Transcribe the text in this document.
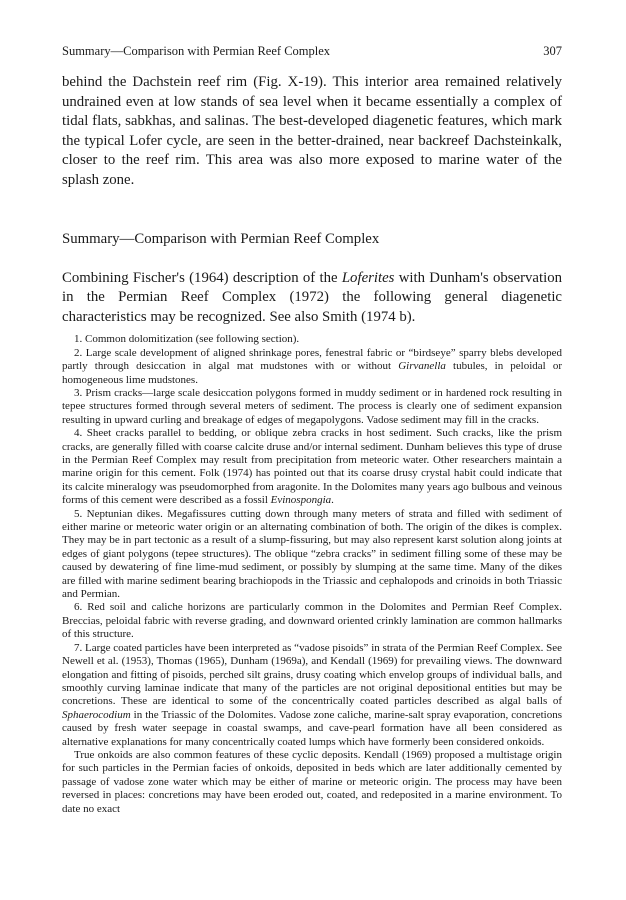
Summary—Comparison with Permian Reef Complex	307

behind the Dachstein reef rim (Fig. X-19). This interior area remained relatively undrained even at low stands of sea level when it became essentially a complex of tidal flats, sabkhas, and salinas. The best-developed diagenetic features, which mark the typical Lofer cycle, are seen in the better-drained, near backreef Dachsteinkalk, closer to the reef rim. This area was also more exposed to marine water of the splash zone.

Summary—Comparison with Permian Reef Complex

Combining Fischer's (1964) description of the Loferites with Dunham's observation in the Permian Reef Complex (1972) the following general diagenetic characteristics may be recognized. See also Smith (1974 b).

1. Common dolomitization (see following section).

2. Large scale development of aligned shrinkage pores, fenestral fabric or “birdseye” sparry blebs developed partly through desiccation in algal mat mudstones with or without Girvanella tubules, in peloidal or homogeneous lime mudstones.

3. Prism cracks—large scale desiccation polygons formed in muddy sediment or in hardened rock resulting in tepee structures formed through several meters of sediment. The process is clearly one of sediment expansion resulting in upward curling and breakage of edges of megapolygons. Vadose sediment may fill in the cracks.

4. Sheet cracks parallel to bedding, or oblique zebra cracks in host sediment. Such cracks, like the prism cracks, are generally filled with coarse calcite druse and/or internal sediment. Dunham believes this type of druse in the Permian Reef Complex may result from precipitation from meteoric water. Other researchers maintain a marine origin for this cement. Folk (1974) has pointed out that its coarse drusy crystal habit could indicate that its calcite mineralogy was pseudomorphed from aragonite. In the Dolomites many years ago bulbous and veinous forms of this cement were described as a fossil Evinospongia.

5. Neptunian dikes. Megafissures cutting down through many meters of strata and filled with sediment of either marine or meteoric water origin or an alternating combination of both. The origin of the dikes is complex. They may be in part tectonic as a result of a slump-fissuring, but may also represent karst solution along joints at edges of giant polygons (tepee structures). The oblique “zebra cracks” in sediment filling some of these may be caused by dewatering of fine lime-mud sediment, or possibly by slumping at the same time. Many of the dikes are filled with marine sediment bearing brachiopods in the Triassic and cephalopods and crinoids in both Triassic and Permian.

6. Red soil and caliche horizons are particularly common in the Dolomites and Permian Reef Complex. Breccias, peloidal fabric with reverse grading, and downward oriented crinkly lamination are common hallmarks of this structure.

7. Large coated particles have been interpreted as “vadose pisoids” in strata of the Permian Reef Complex. See Newell et al. (1953), Thomas (1965), Dunham (1969a), and Kendall (1969) for prevailing views. The downward elongation and fitting of pisoids, perched silt grains, drusy coating which envelop groups of individual balls, and smoothly curving laminae indicate that many of the particles are not original depositional entities but may be concretions. These are identical to some of the concentrically coated particles described as algal balls of Sphaerocodium in the Triassic of the Dolomites. Vadose zone caliche, marine-salt spray evaporation, concretions caused by fresh water seepage in coastal swamps, and cave-pearl formation have all been considered as alternative explanations for many concentrically coated lumps which have formerly been considered onkoids.

True onkoids are also common features of these cyclic deposits. Kendall (1969) proposed a multistage origin for such particles in the Permian facies of onkoids, deposited in beds which are later additionally cemented by passage of vadose zone water which may be either of marine or meteoric origin. The process may have been reversed in places: concretions may have been eroded out, coated, and redeposited in a marine environment. To date no exact
